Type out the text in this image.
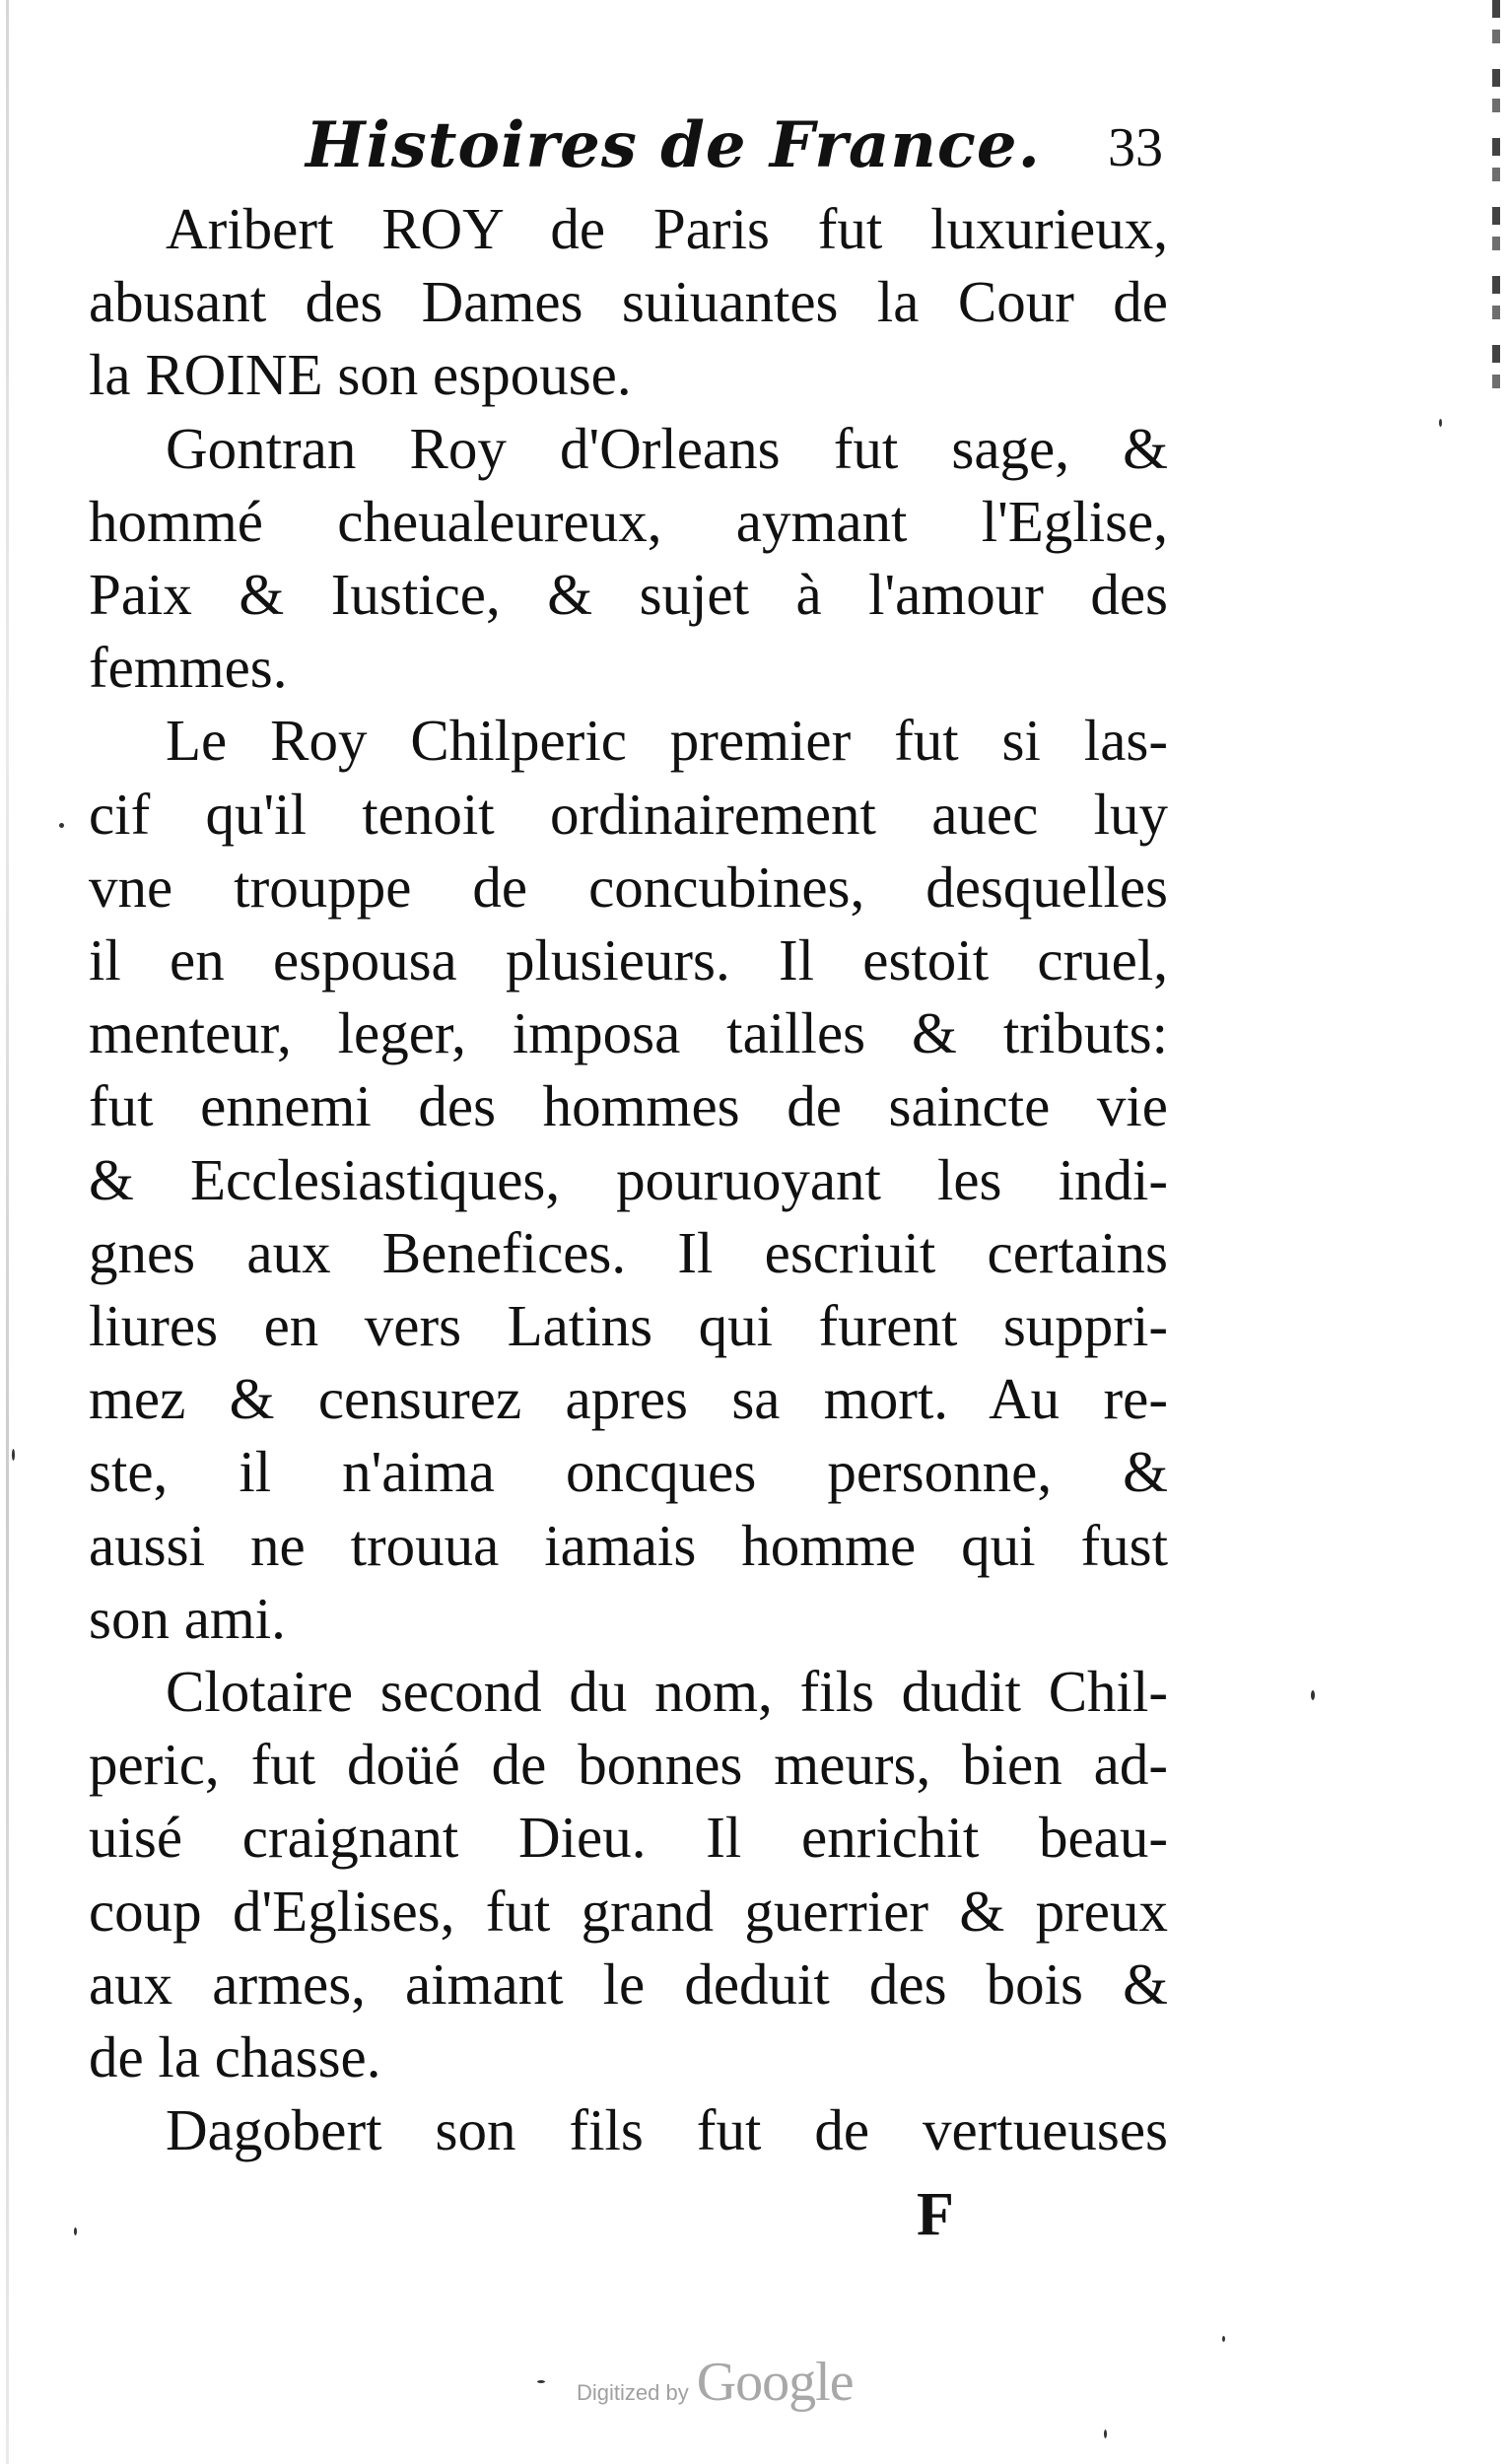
Histoires de France. 33

Aribert ROY de Paris fut luxurieux,
abusant des Dames suiuantes la Cour de
la ROINE son espouse.

Gontran Roy d'Orleans fut sage, &
hommé cheualeureux, aymant l'Eglise,
Paix & Iustice, & sujet à l'amour des
femmes.

Le Roy Chilperic premier fut si las-
cif qu'il tenoit ordinairement auec luy
vne trouppe de concubines, desquelles
il en espousa plusieurs. Il estoit cruel,
menteur, leger, imposa tailles & tributs:
fut ennemi des hommes de saincte vie
& Ecclesiastiques, pouruoyant les indi-
gnes aux Benefices. Il escriuit certains
liures en vers Latins qui furent suppri-
mez & censurez apres sa mort. Au re-
ste, il n'aima oncques personne, &
aussi ne trouua iamais homme qui fust
son ami.

Clotaire second du nom, fils dudit Chil-
peric, fut doüé de bonnes meurs, bien ad-
uisé craignant Dieu. Il enrichit beau-
coup d'Eglises, fut grand guerrier & preux
aux armes, aimant le deduit des bois &
de la chasse.

Dagobert son fils fut de vertueuses

F
Digitized by Google
